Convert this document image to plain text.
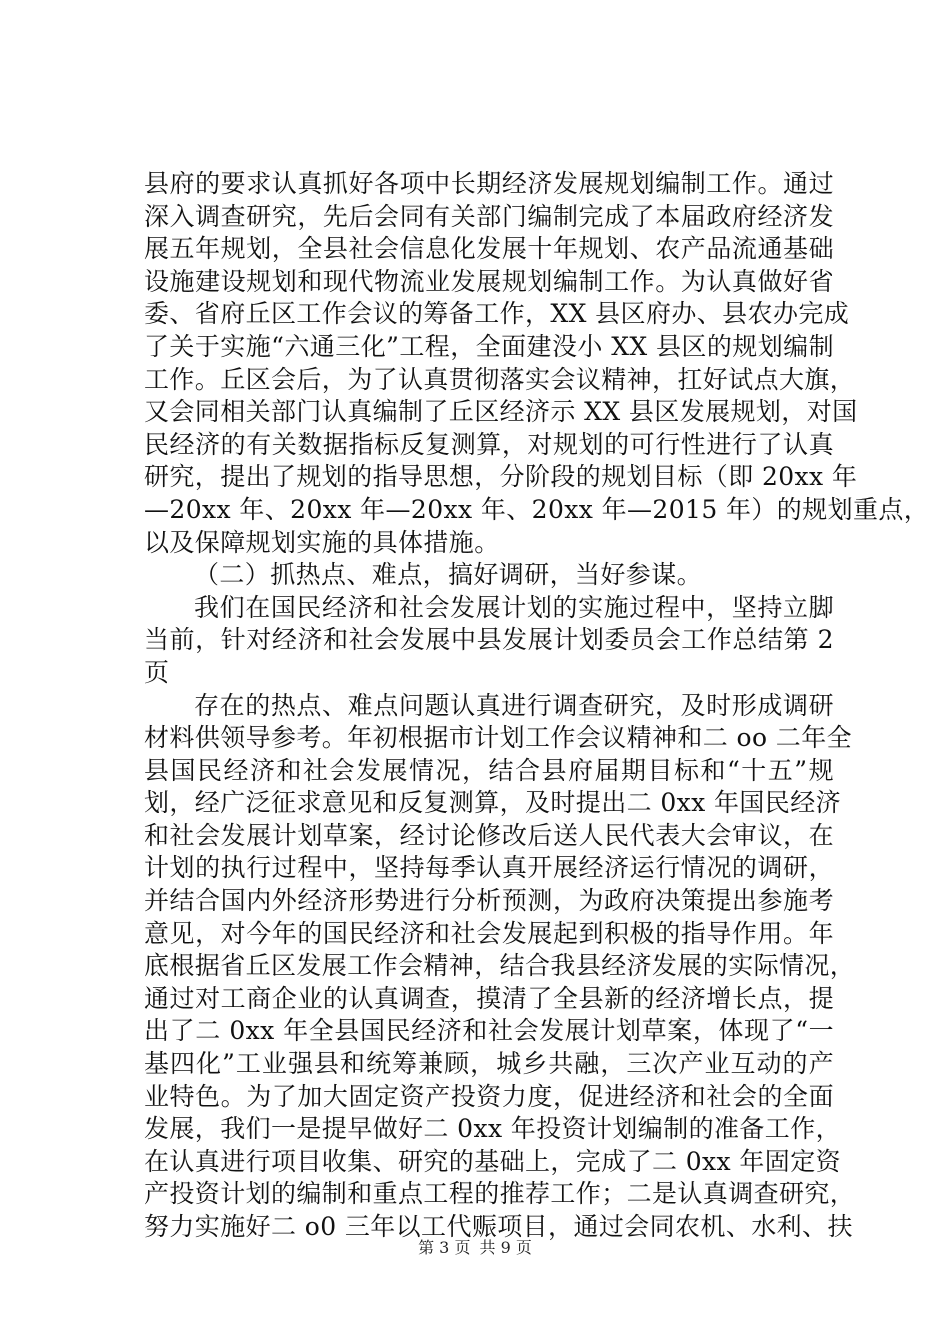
县府的要求认真抓好各项中长期经济发展规划编制工作。通过
深入调查研究，先后会同有关部门编制完成了本届政府经济发
展五年规划，全县社会信息化发展十年规划、农产品流通基础
设施建设规划和现代物流业发展规划编制工作。为认真做好省
委、省府丘区工作会议的筹备工作，XX 县区府办、县农办完成
了关于实施“六通三化”工程，全面建没小 XX 县区的规划编制
工作。丘区会后，为了认真贯彻落实会议精神，扛好试点大旗，
又会同相关部门认真编制了丘区经济示 XX 县区发展规划，对国
民经济的有关数据指标反复测算，对规划的可行性进行了认真
研究，提出了规划的指导思想，分阶段的规划目标（即 20xx 年
—20xx 年、20xx 年—20xx 年、20xx 年—2015 年）的规划重点，
以及保障规划实施的具体措施。
（二）抓热点、难点，搞好调研，当好参谋。
我们在国民经济和社会发展计划的实施过程中，坚持立脚
当前，针对经济和社会发展中县发展计划委员会工作总结第 2
页
存在的热点、难点问题认真进行调查研究，及时形成调研
材料供领导参考。年初根据市计划工作会议精神和二 oo 二年全
县国民经济和社会发展情况，结合县府届期目标和“十五”规
划，经广泛征求意见和反复测算，及时提出二 0xx 年国民经济
和社会发展计划草案，经讨论修改后送人民代表大会审议，在
计划的执行过程中，坚持每季认真开展经济运行情况的调研，
并结合国内外经济形势进行分析预测，为政府决策提出参施考
意见，对今年的国民经济和社会发展起到积极的指导作用。年
底根据省丘区发展工作会精神，结合我县经济发展的实际情况，
通过对工商企业的认真调查，摸清了全县新的经济增长点，提
出了二 0xx 年全县国民经济和社会发展计划草案，体现了“一
基四化”工业强县和统筹兼顾，城乡共融，三次产业互动的产
业特色。为了加大固定资产投资力度，促进经济和社会的全面
发展，我们一是提早做好二 0xx 年投资计划编制的准备工作，
在认真进行项目收集、研究的基础上，完成了二 0xx 年固定资
产投资计划的编制和重点工程的推荐工作；二是认真调查研究，
努力实施好二 o0 三年以工代赈项目，通过会同农机、水利、扶
第 3 页 共 9 页
